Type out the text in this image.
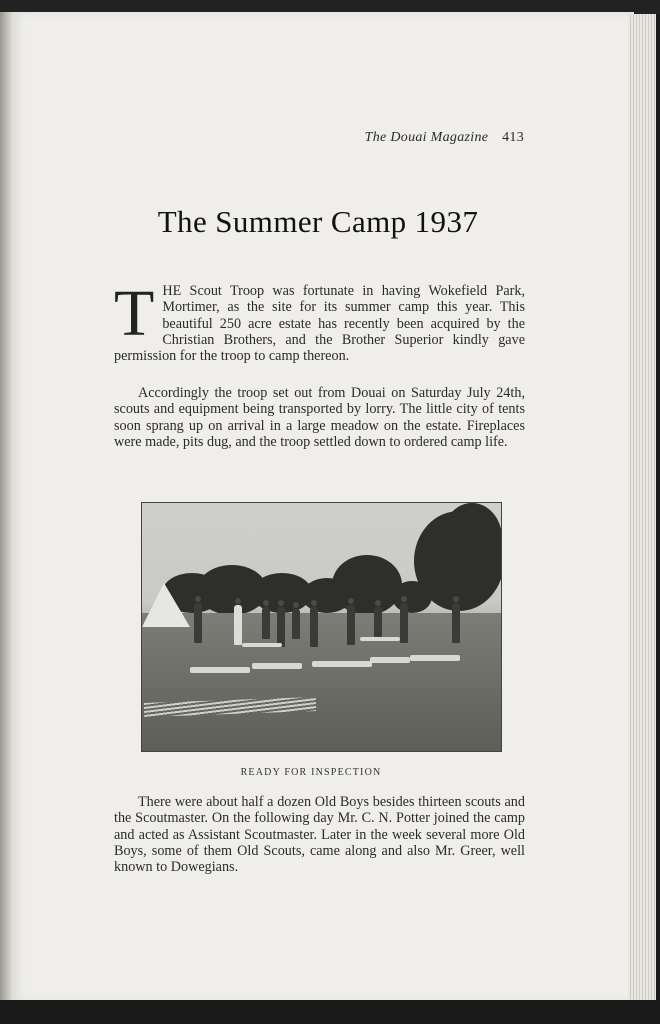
The Douai Magazine 413
The Summer Camp 1937
T HE Scout Troop was fortunate in having Wokefield Park, Mortimer, as the site for its summer camp this year. This beautiful 250 acre estate has recently been acquired by the Christian Brothers, and the Brother Superior kindly gave permission for the troop to camp thereon.
Accordingly the troop set out from Douai on Saturday July 24th, scouts and equipment being transported by lorry. The little city of tents soon sprang up on arrival in a large meadow on the estate. Fireplaces were made, pits dug, and the troop settled down to ordered camp life.
READY FOR INSPECTION
There were about half a dozen Old Boys besides thirteen scouts and the Scoutmaster. On the following day Mr. C. N. Potter joined the camp and acted as Assistant Scoutmaster. Later in the week several more Old Boys, some of them Old Scouts, came along and also Mr. Greer, well known to Dowegians.
